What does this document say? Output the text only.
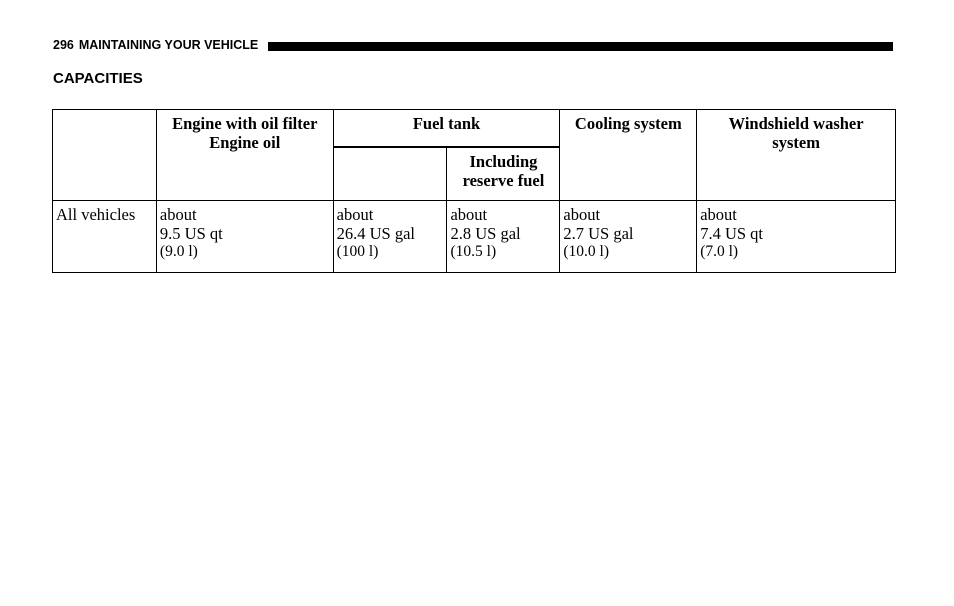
296 MAINTAINING YOUR VEHICLE
CAPACITIES

	Engine with oil filter
Engine oil	Fuel tank		Cooling system	Windshield washer
system

			Including
reserve fuel		

All vehicles	about
9.5 US qt
(9.0 l)	about
26.4 US gal
(100 l)	about
2.8 US gal
(10.5 l)	about
2.7 US gal
(10.0 l)	about
7.4 US qt
(7.0 l)
